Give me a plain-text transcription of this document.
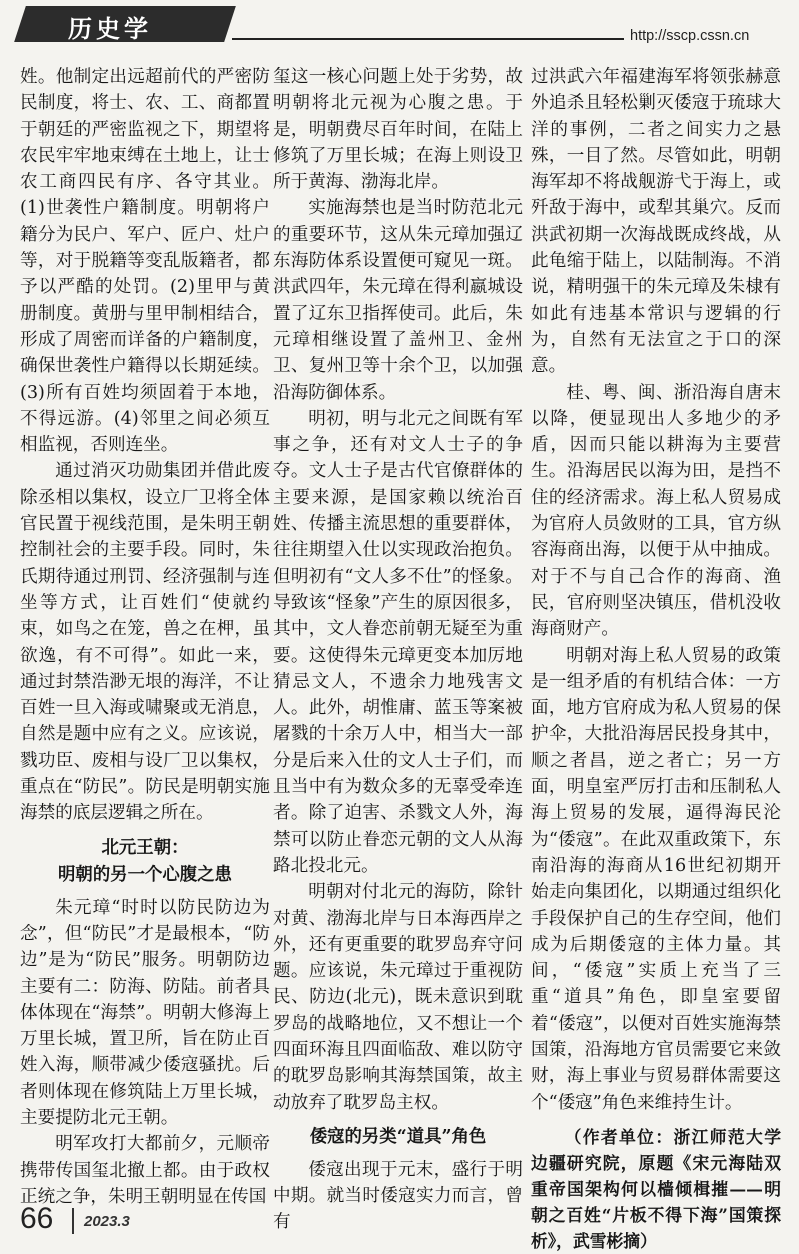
历史学	http://sscp.cssn.cn

姓。他制定出远超前代的严密防民制度，将士、农、工、商都置于朝廷的严密监视之下，期望将农民牢牢地束缚在土地上，让士农工商四民有序、各守其业。(1)世袭性户籍制度。明朝将户籍分为民户、军户、匠户、灶户等，对于脱籍等变乱版籍者，都予以严酷的处罚。(2)里甲与黄册制度。黄册与里甲制相结合，形成了周密而详备的户籍制度，确保世袭性户籍得以长期延续。(3)所有百姓均须固着于本地，不得远游。(4)邻里之间必须互相监视，否则连坐。

通过消灭功勋集团并借此废除丞相以集权，设立厂卫将全体官民置于视线范围，是朱明王朝控制社会的主要手段。同时，朱氏期待通过刑罚、经济强制与连坐等方式，让百姓们“使就约束，如鸟之在笼，兽之在柙，虽欲逸，有不可得”。如此一来，通过封禁浩渺无垠的海洋，不让百姓一旦入海或啸聚或无消息，自然是题中应有之义。应该说，戮功臣、废相与设厂卫以集权，重点在“防民”。防民是明朝实施海禁的底层逻辑之所在。

北元王朝：
明朝的另一个心腹之患

朱元璋“时时以防民防边为念”，但“防民”才是最根本，“防边”是为“防民”服务。明朝防边主要有二：防海、防陆。前者具体体现在“海禁”。明朝大修海上万里长城，置卫所，旨在防止百姓入海，顺带减少倭寇骚扰。后者则体现在修筑陆上万里长城，主要提防北元王朝。

明军攻打大都前夕，元顺帝携带传国玺北撤上都。由于政权正统之争，朱明王朝明显在传国

玺这一核心问题上处于劣势，故明朝将北元视为心腹之患。于是，明朝费尽百年时间，在陆上修筑了万里长城；在海上则设卫所于黄海、渤海北岸。

实施海禁也是当时防范北元的重要环节，这从朱元璋加强辽东海防体系设置便可窥见一斑。洪武四年，朱元璋在得利嬴城设置了辽东卫指挥使司。此后，朱元璋相继设置了盖州卫、金州卫、复州卫等十余个卫，以加强沿海防御体系。

明初，明与北元之间既有军事之争，还有对文人士子的争夺。文人士子是古代官僚群体的主要来源，是国家赖以统治百姓、传播主流思想的重要群体，往往期望入仕以实现政治抱负。但明初有“文人多不仕”的怪象。导致该“怪象”产生的原因很多，其中，文人眷恋前朝无疑至为重要。这使得朱元璋更变本加厉地猜忌文人，不遗余力地残害文人。此外，胡惟庸、蓝玉等案被屠戮的十余万人中，相当大一部分是后来入仕的文人士子们，而且当中有为数众多的无辜受牵连者。除了迫害、杀戮文人外，海禁可以防止眷恋元朝的文人从海路北投北元。

明朝对付北元的海防，除针对黄、渤海北岸与日本海西岸之外，还有更重要的耽罗岛弃守问题。应该说，朱元璋过于重视防民、防边(北元)，既未意识到耽罗岛的战略地位，又不想让一个四面环海且四面临敌、难以防守的耽罗岛影响其海禁国策，故主动放弃了耽罗岛主权。

倭寇的另类“道具”角色

倭寇出现于元末，盛行于明中期。就当时倭寇实力而言，曾有

过洪武六年福建海军将领张赫意外追杀且轻松剿灭倭寇于琉球大洋的事例，二者之间实力之悬殊，一目了然。尽管如此，明朝海军却不将战舰游弋于海上，或歼敌于海中，或犁其巢穴。反而洪武初期一次海战既成终战，从此龟缩于陆上，以陆制海。不消说，精明强干的朱元璋及朱棣有如此有违基本常识与逻辑的行为，自然有无法宣之于口的深意。

桂、粤、闽、浙沿海自唐末以降，便显现出人多地少的矛盾，因而只能以耕海为主要营生。沿海居民以海为田，是挡不住的经济需求。海上私人贸易成为官府人员敛财的工具，官方纵容海商出海，以便于从中抽成。对于不与自己合作的海商、渔民，官府则坚决镇压，借机没收海商财产。

明朝对海上私人贸易的政策是一组矛盾的有机结合体：一方面，地方官府成为私人贸易的保护伞，大批沿海居民投身其中，顺之者昌，逆之者亡；另一方面，明皇室严厉打击和压制私人海上贸易的发展，逼得海民沦为“倭寇”。在此双重政策下，东南沿海的海商从16世纪初期开始走向集团化，以期通过组织化手段保护自己的生存空间，他们成为后期倭寇的主体力量。其间，“倭寇”实质上充当了三重“道具”角色，即皇室要留着“倭寇”，以便对百姓实施海禁国策，沿海地方官员需要它来敛财，海上事业与贸易群体需要这个“倭寇”角色来维持生计。

（作者单位：浙江师范大学边疆研究院，原题《宋元海陆双重帝国架构何以樯倾楫摧——明朝之百姓“片板不得下海”国策探析》，武雪彬摘）
66 2023.3
